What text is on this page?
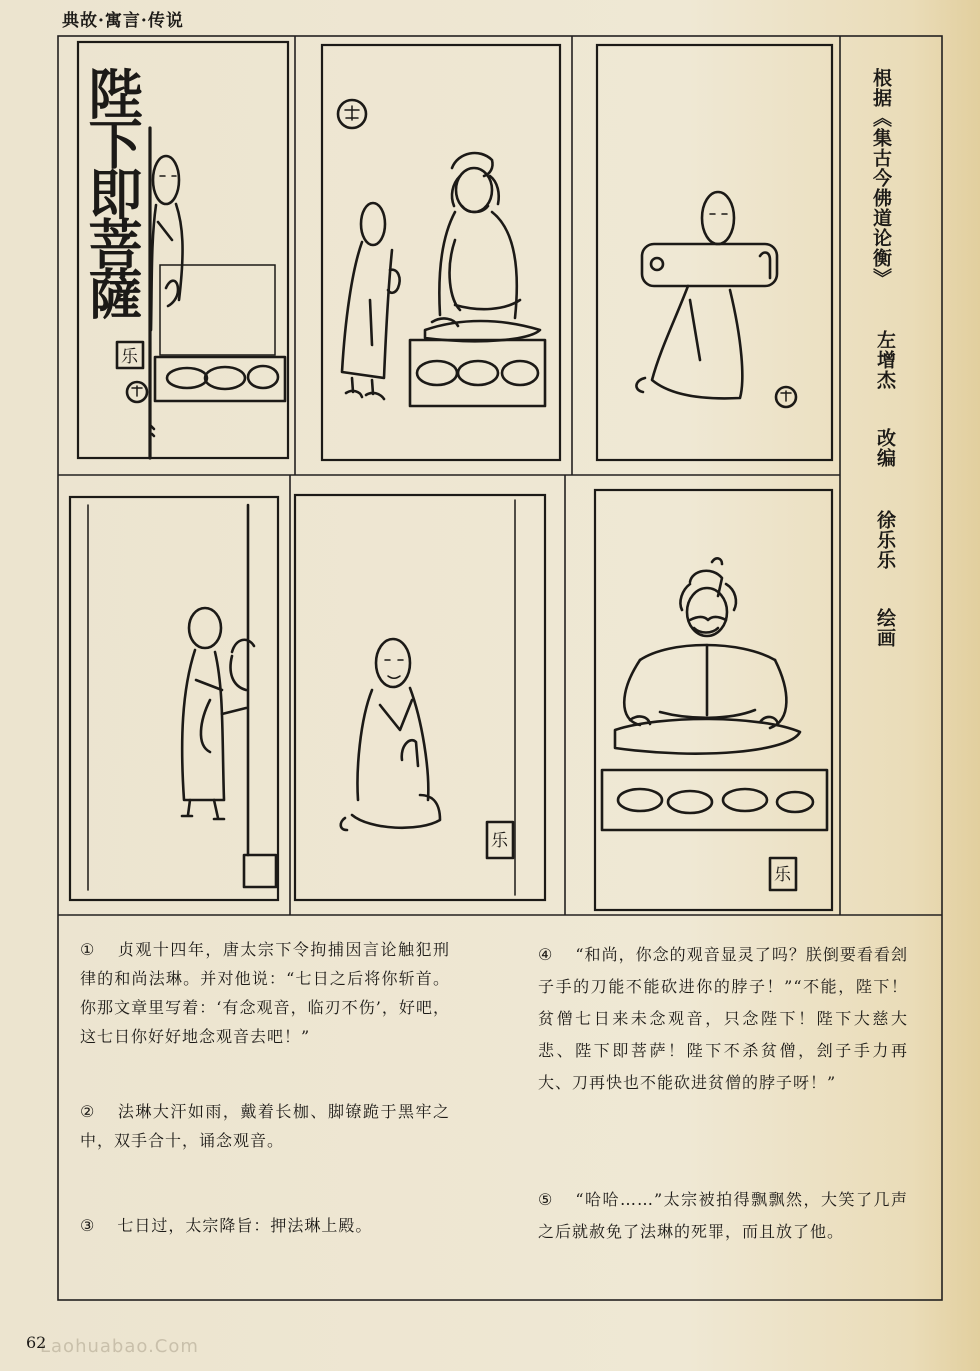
典故·寓言·传说
乐
乐
乐
陛下即菩薩	根据《集古今佛道论衡》
左增杰
改编
徐乐乐
绘画
① 贞观十四年，唐太宗下令拘捕因言论触犯刑律的和尚法琳。并对他说：“七日之后将你斩首。你那文章里写着：‘有念观音，临刃不伤’，好吧，这七日你好好地念观音去吧！”
② 法琳大汗如雨，戴着长枷、脚镣跪于黑牢之中，双手合十，诵念观音。
③ 七日过，太宗降旨：押法琳上殿。
④ “和尚，你念的观音显灵了吗？朕倒要看看刽子手的刀能不能砍进你的脖子！”“不能，陛下！贫僧七日来未念观音，只念陛下！陛下大慈大悲、陛下即菩萨！陛下不杀贫僧，刽子手力再大、刀再快也不能砍进贫僧的脖子呀！”
⑤ “哈哈……”太宗被拍得飘飘然，大笑了几声之后就赦免了法琳的死罪，而且放了他。
Laohuabao.Com
62
